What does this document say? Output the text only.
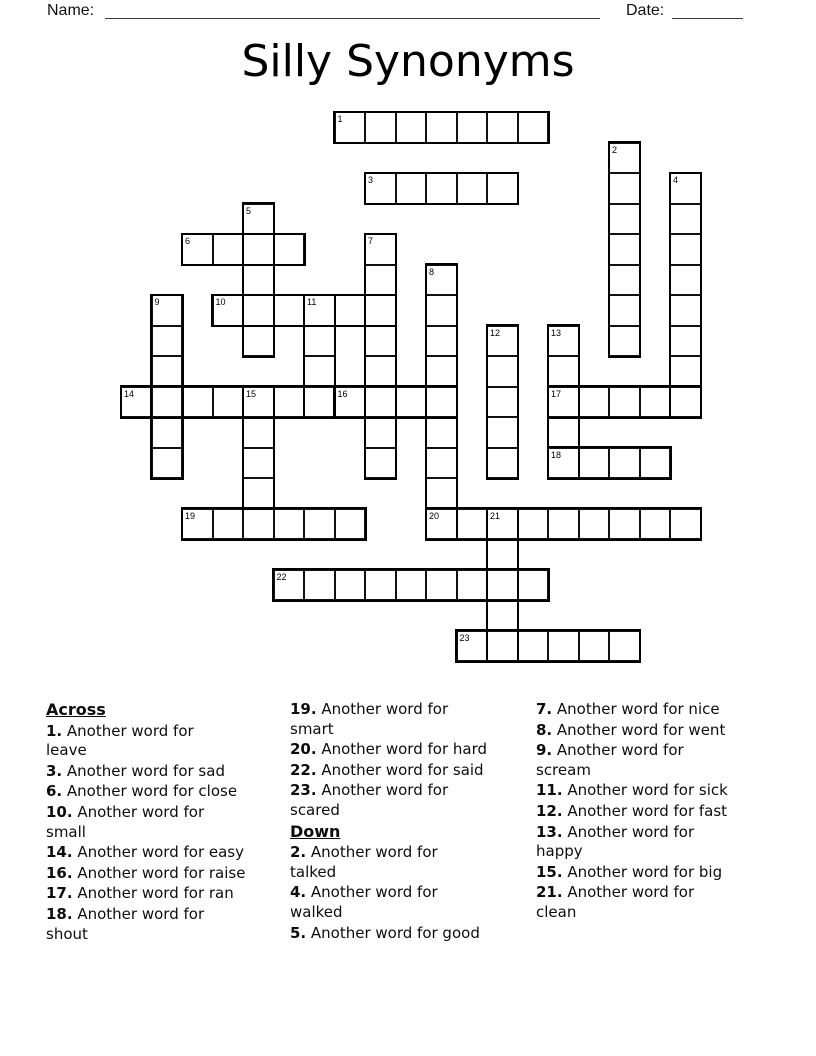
Name:	Date:
Silly Synonyms
1
2
3	4
5
6	7
8
9	10	11
12	13
14	15	16	17
18
19	20	21
22
23
Across
1. Another word for
leave
3. Another word for sad
6. Another word for close
10. Another word for
small
14. Another word for easy
16. Another word for raise
17. Another word for ran
18. Another word for
shout
19. Another word for
smart
20. Another word for hard
22. Another word for said
23. Another word for
scared
Down
2. Another word for
talked
4. Another word for
walked
5. Another word for good
7. Another word for nice
8. Another word for went
9. Another word for
scream
11. Another word for sick
12. Another word for fast
13. Another word for
happy
15. Another word for big
21. Another word for
clean
